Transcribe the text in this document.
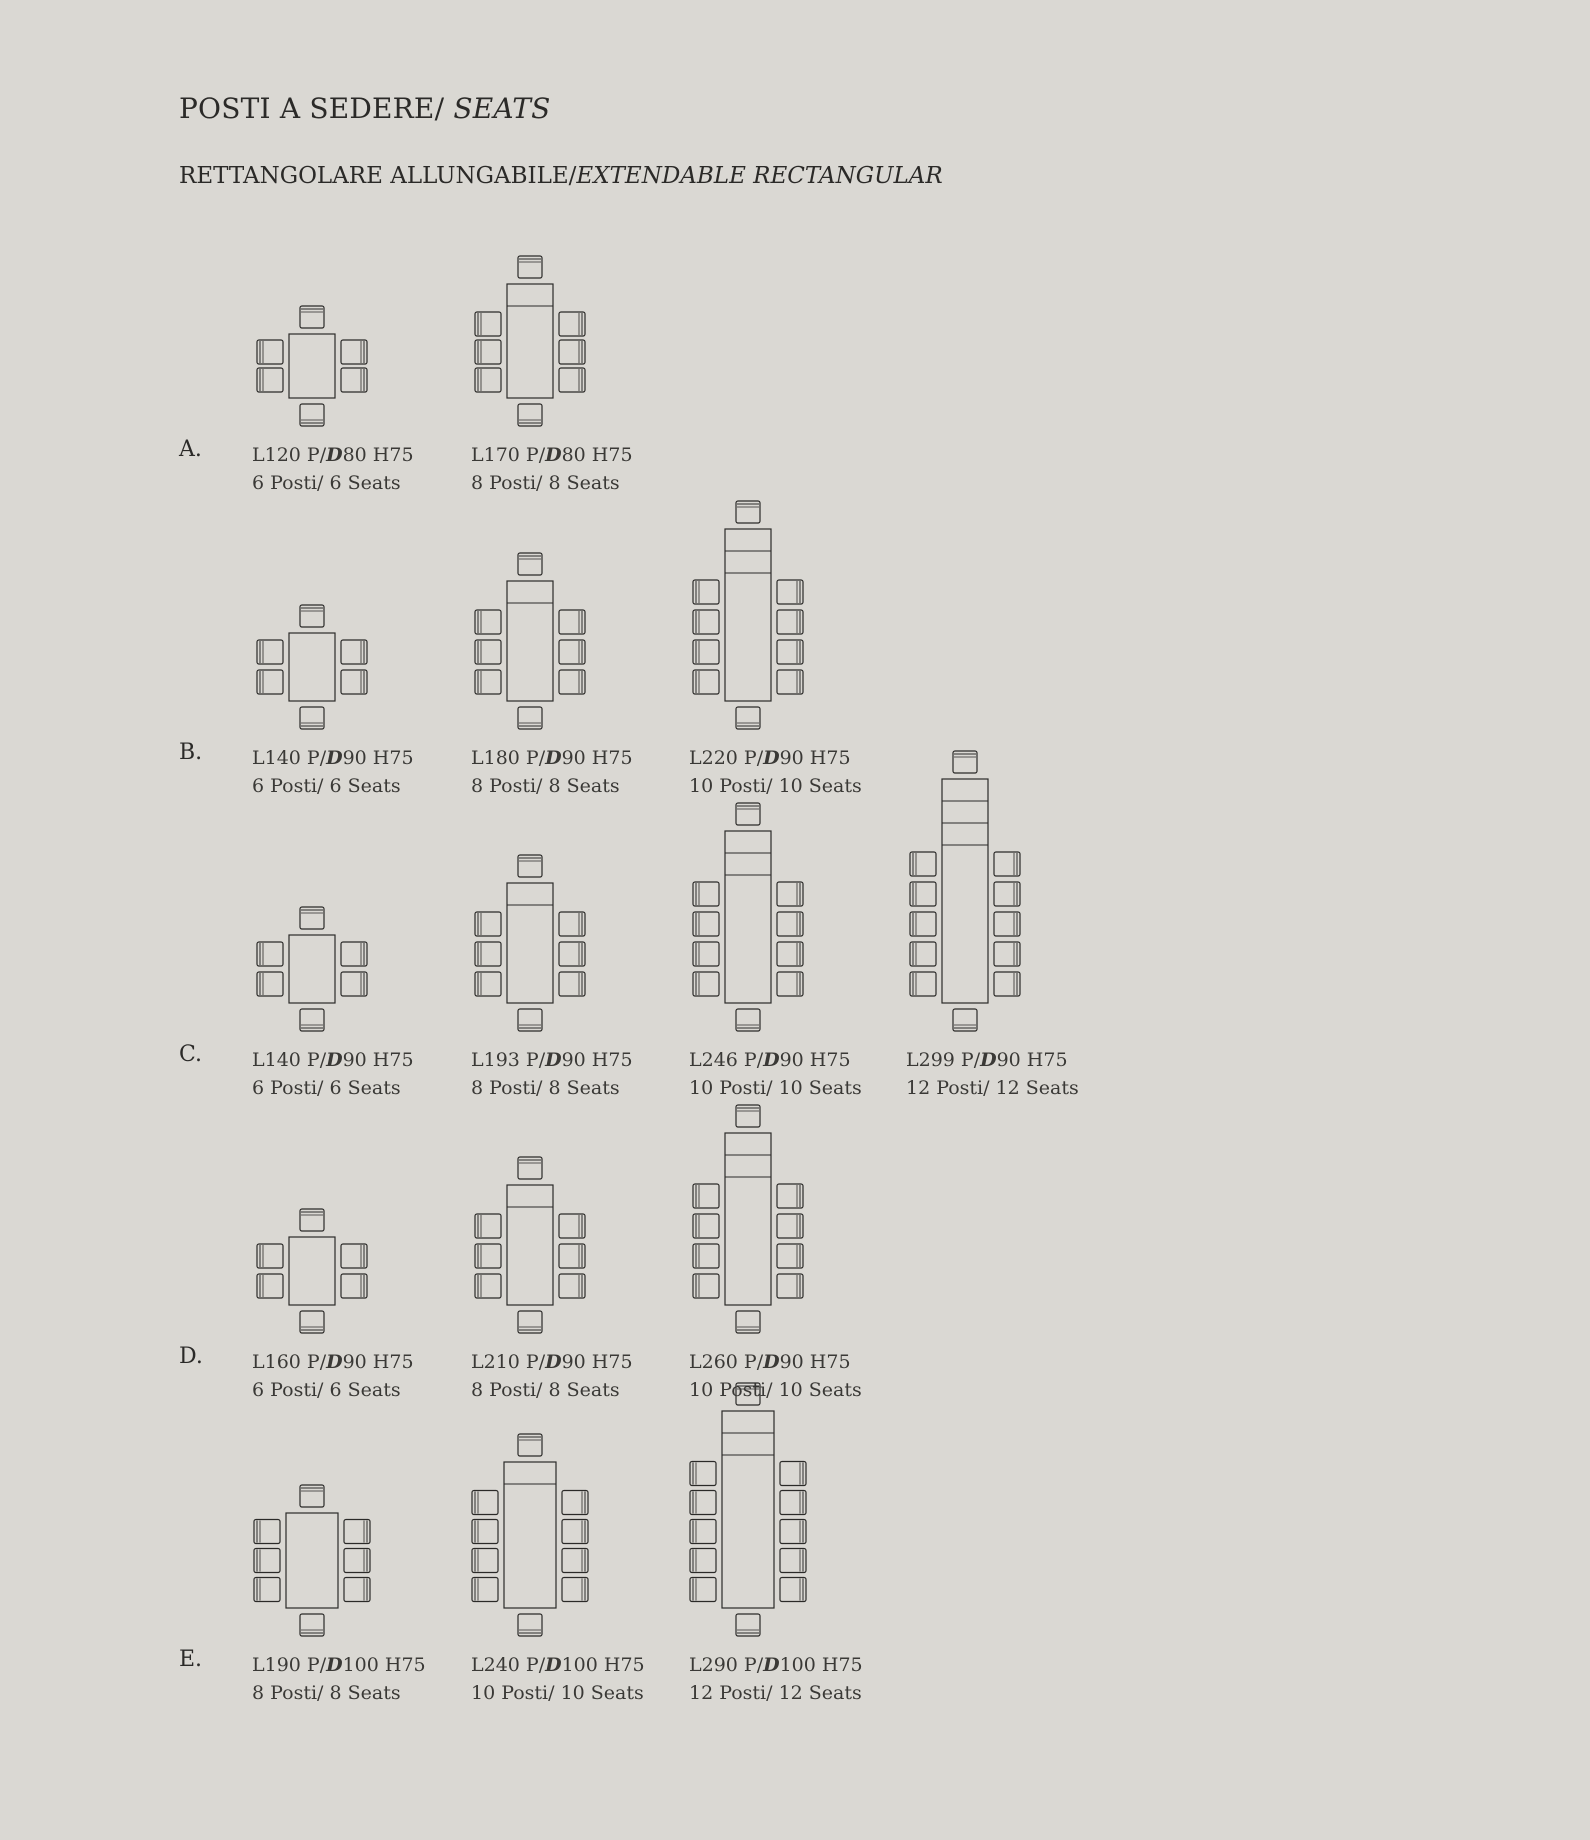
POSTI A SEDERE/ SEATS
RETTANGOLARE ALLUNGABILE/EXTENDABLE RECTANGULAR
A.	L120 P/D80 H75
6 Posti/ 6 Seats
L170 P/D80 H75
8 Posti/ 8 Seats
B.	L140 P/D90 H75
6 Posti/ 6 Seats
L180 P/D90 H75
8 Posti/ 8 Seats
L220 P/D90 H75
10 Posti/ 10 Seats
C.	L140 P/D90 H75
6 Posti/ 6 Seats
L193 P/D90 H75
8 Posti/ 8 Seats
L246 P/D90 H75
10 Posti/ 10 Seats
L299 P/D90 H75
12 Posti/ 12 Seats
D.	L160 P/D90 H75
6 Posti/ 6 Seats
L210 P/D90 H75
8 Posti/ 8 Seats
L260 P/D90 H75
10 Posti/ 10 Seats
E.	L190 P/D100 H75
8 Posti/ 8 Seats
L240 P/D100 H75
10 Posti/ 10 Seats
L290 P/D100 H75
12 Posti/ 12 Seats
